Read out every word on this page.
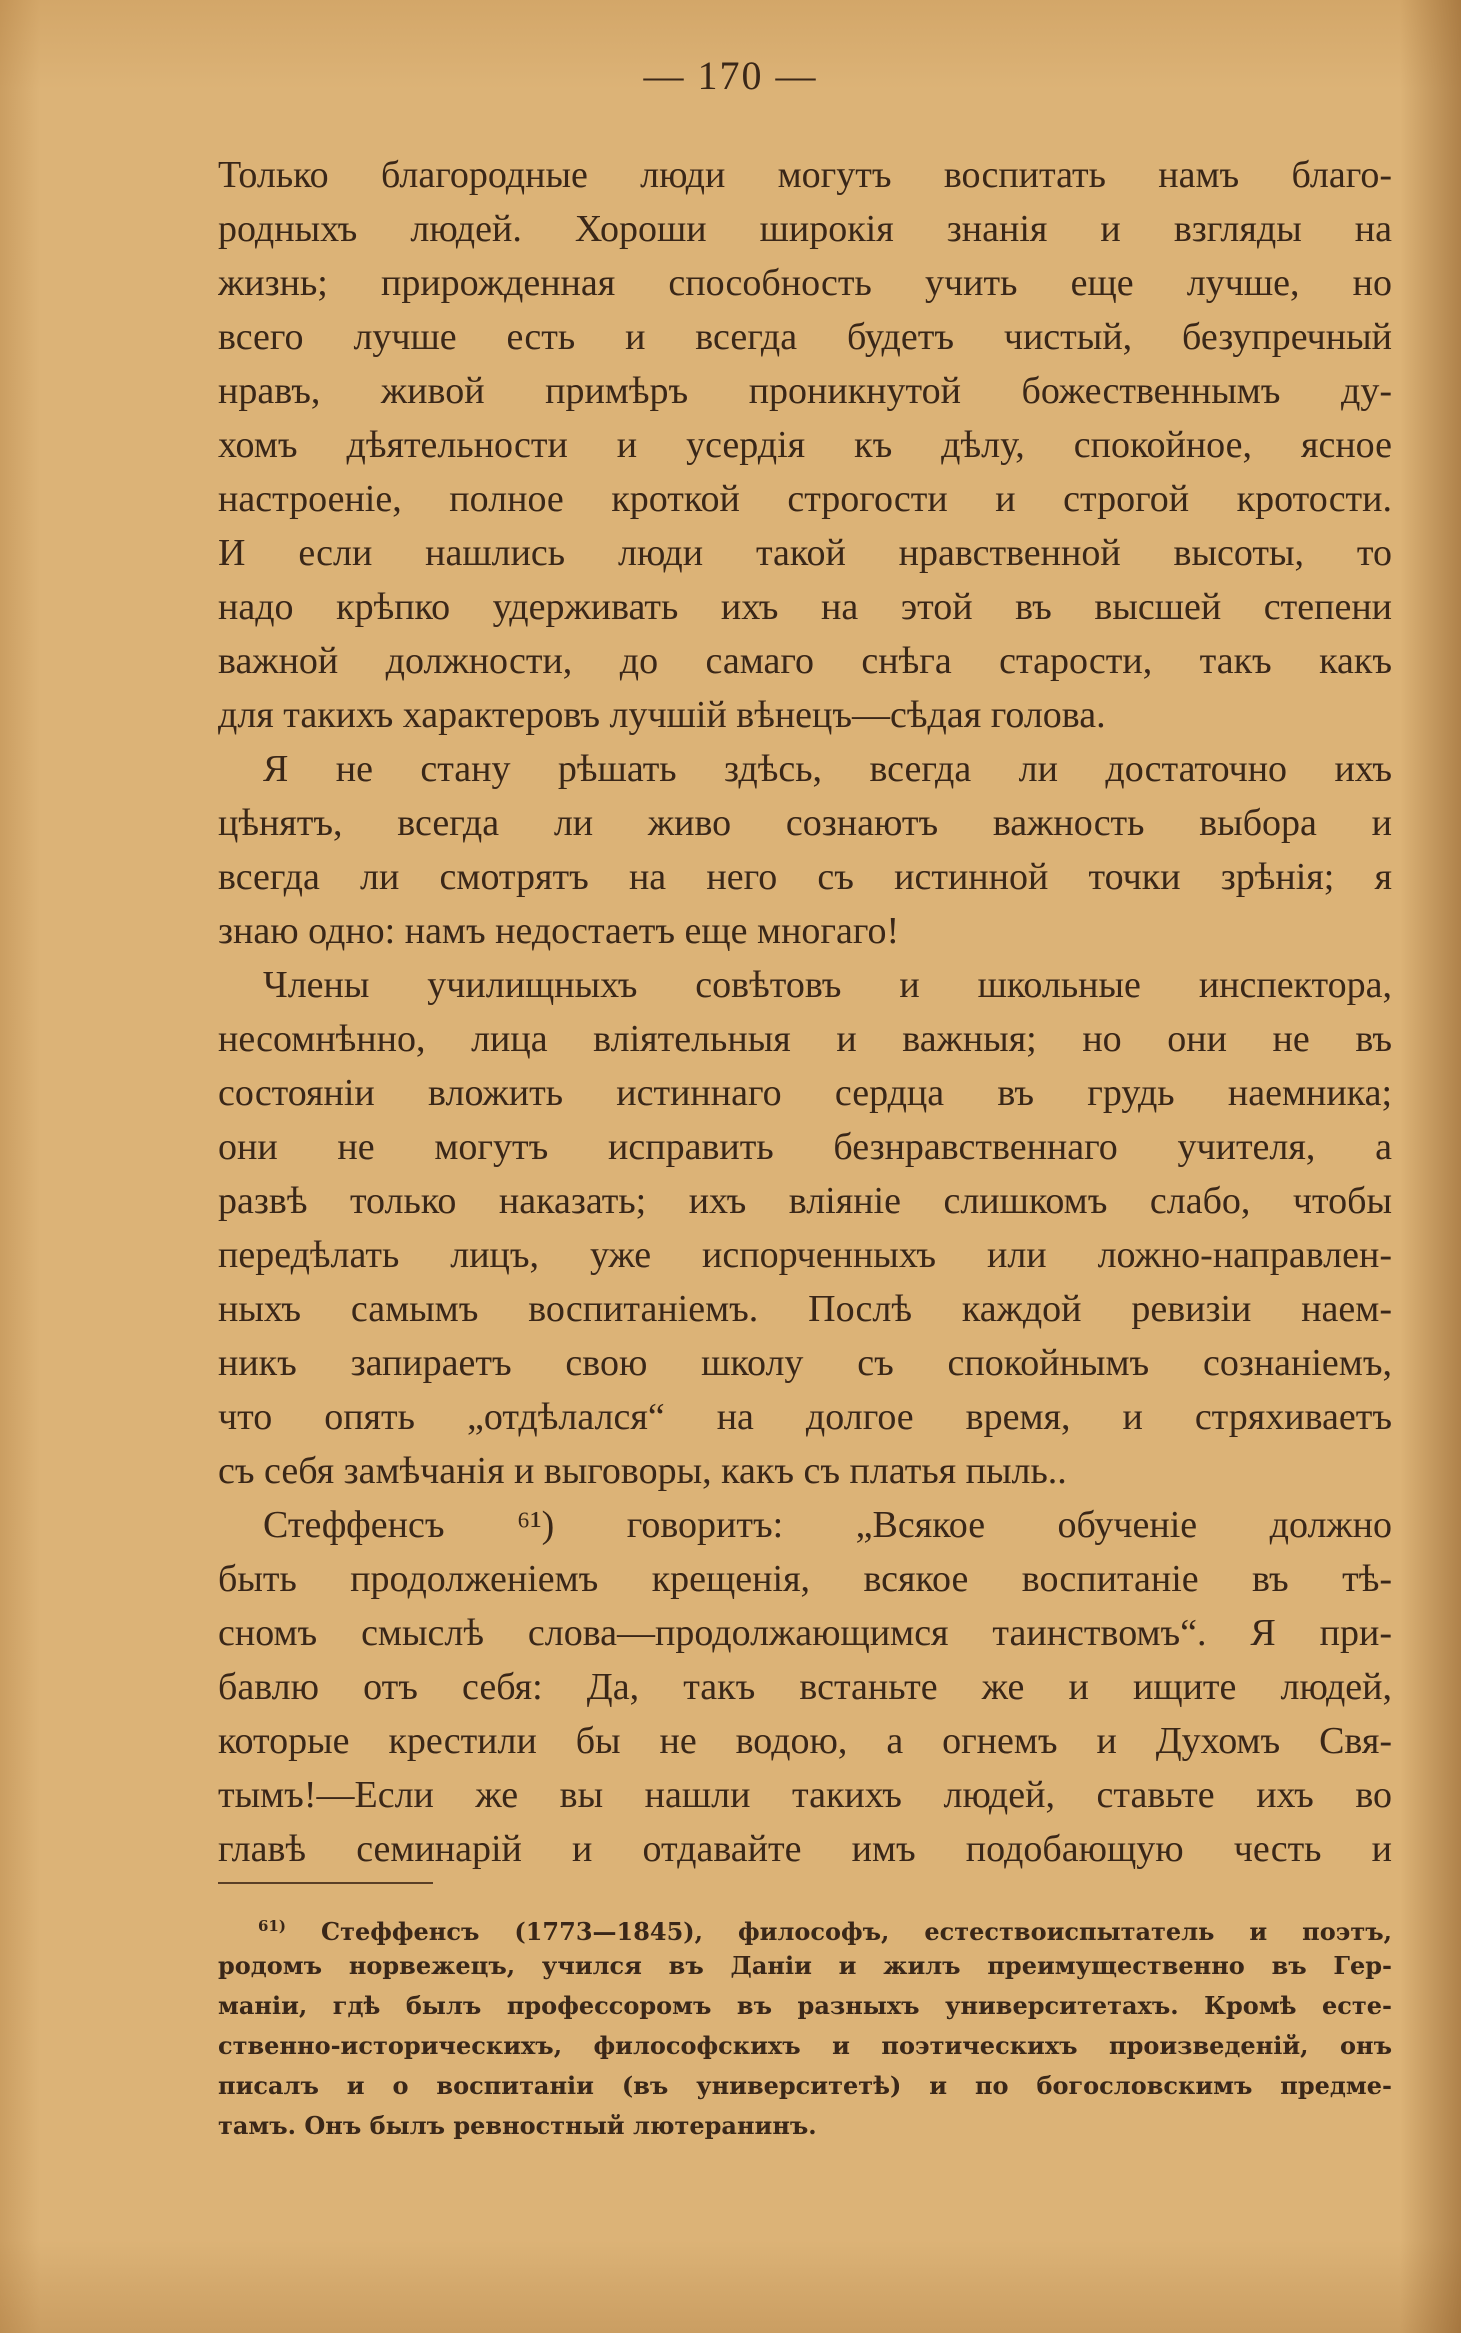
— 170 —
Только благородные люди могутъ воспитать намъ благо-
родныхъ людей. Хороши широкія знанія и взгляды на
жизнь; прирожденная способность учить еще лучше, но
всего лучше есть и всегда будетъ чистый, безупречный
нравъ, живой примѣръ проникнутой божественнымъ ду-
хомъ дѣятельности и усердія къ дѣлу, спокойное, ясное
настроеніе, полное кроткой строгости и строгой кротости.
И если нашлись люди такой нравственной высоты, то
надо крѣпко удерживать ихъ на этой въ высшей степени
важной должности, до самаго снѣга старости, такъ какъ
для такихъ характеровъ лучшій вѣнецъ—сѣдая голова.
Я не стану рѣшать здѣсь, всегда ли достаточно ихъ
цѣнятъ, всегда ли живо сознаютъ важность выбора и
всегда ли смотрятъ на него съ истинной точки зрѣнія; я
знаю одно: намъ недостаетъ еще многаго!
Члены училищныхъ совѣтовъ и школьные инспектора,
несомнѣнно, лица вліятельныя и важныя; но они не въ
состояніи вложить истиннаго сердца въ грудь наемника;
они не могутъ исправить безнравственнаго учителя, а
развѣ только наказать; ихъ вліяніе слишкомъ слабо, чтобы
передѣлать лицъ, уже испорченныхъ или ложно-направлен-
ныхъ самымъ воспитаніемъ. Послѣ каждой ревизіи наем-
никъ запираетъ свою школу съ спокойнымъ сознаніемъ,
что опять „отдѣлался“ на долгое время, и стряхиваетъ
съ себя замѣчанія и выговоры, какъ съ платья пыль..
Стеффенсъ ⁶¹) говоритъ: „Всякое обученіе должно
быть продолженіемъ крещенія, всякое воспитаніе въ тѣ-
сномъ смыслѣ слова—продолжающимся таинствомъ“. Я при-
бавлю отъ себя: Да, такъ встаньте же и ищите людей,
которые крестили бы не водою, а огнемъ и Духомъ Свя-
тымъ!—Если же вы нашли такихъ людей, ставьте ихъ во
главѣ семинарій и отдавайте имъ подобающую честь и
$^{61)}$ Стеффенсъ (1773—1845), философъ, естествоиспытатель и поэтъ,
родомъ норвежецъ, учился въ Даніи и жилъ преимущественно въ Гер-
маніи, гдѣ былъ профессоромъ въ разныхъ университетахъ. Кромѣ есте-
ственно-историческихъ, философскихъ и поэтическихъ произведеній, онъ
писалъ и о воспитаніи (въ университетѣ) и по богословскимъ предме-
тамъ. Онъ былъ ревностный лютеранинъ.
